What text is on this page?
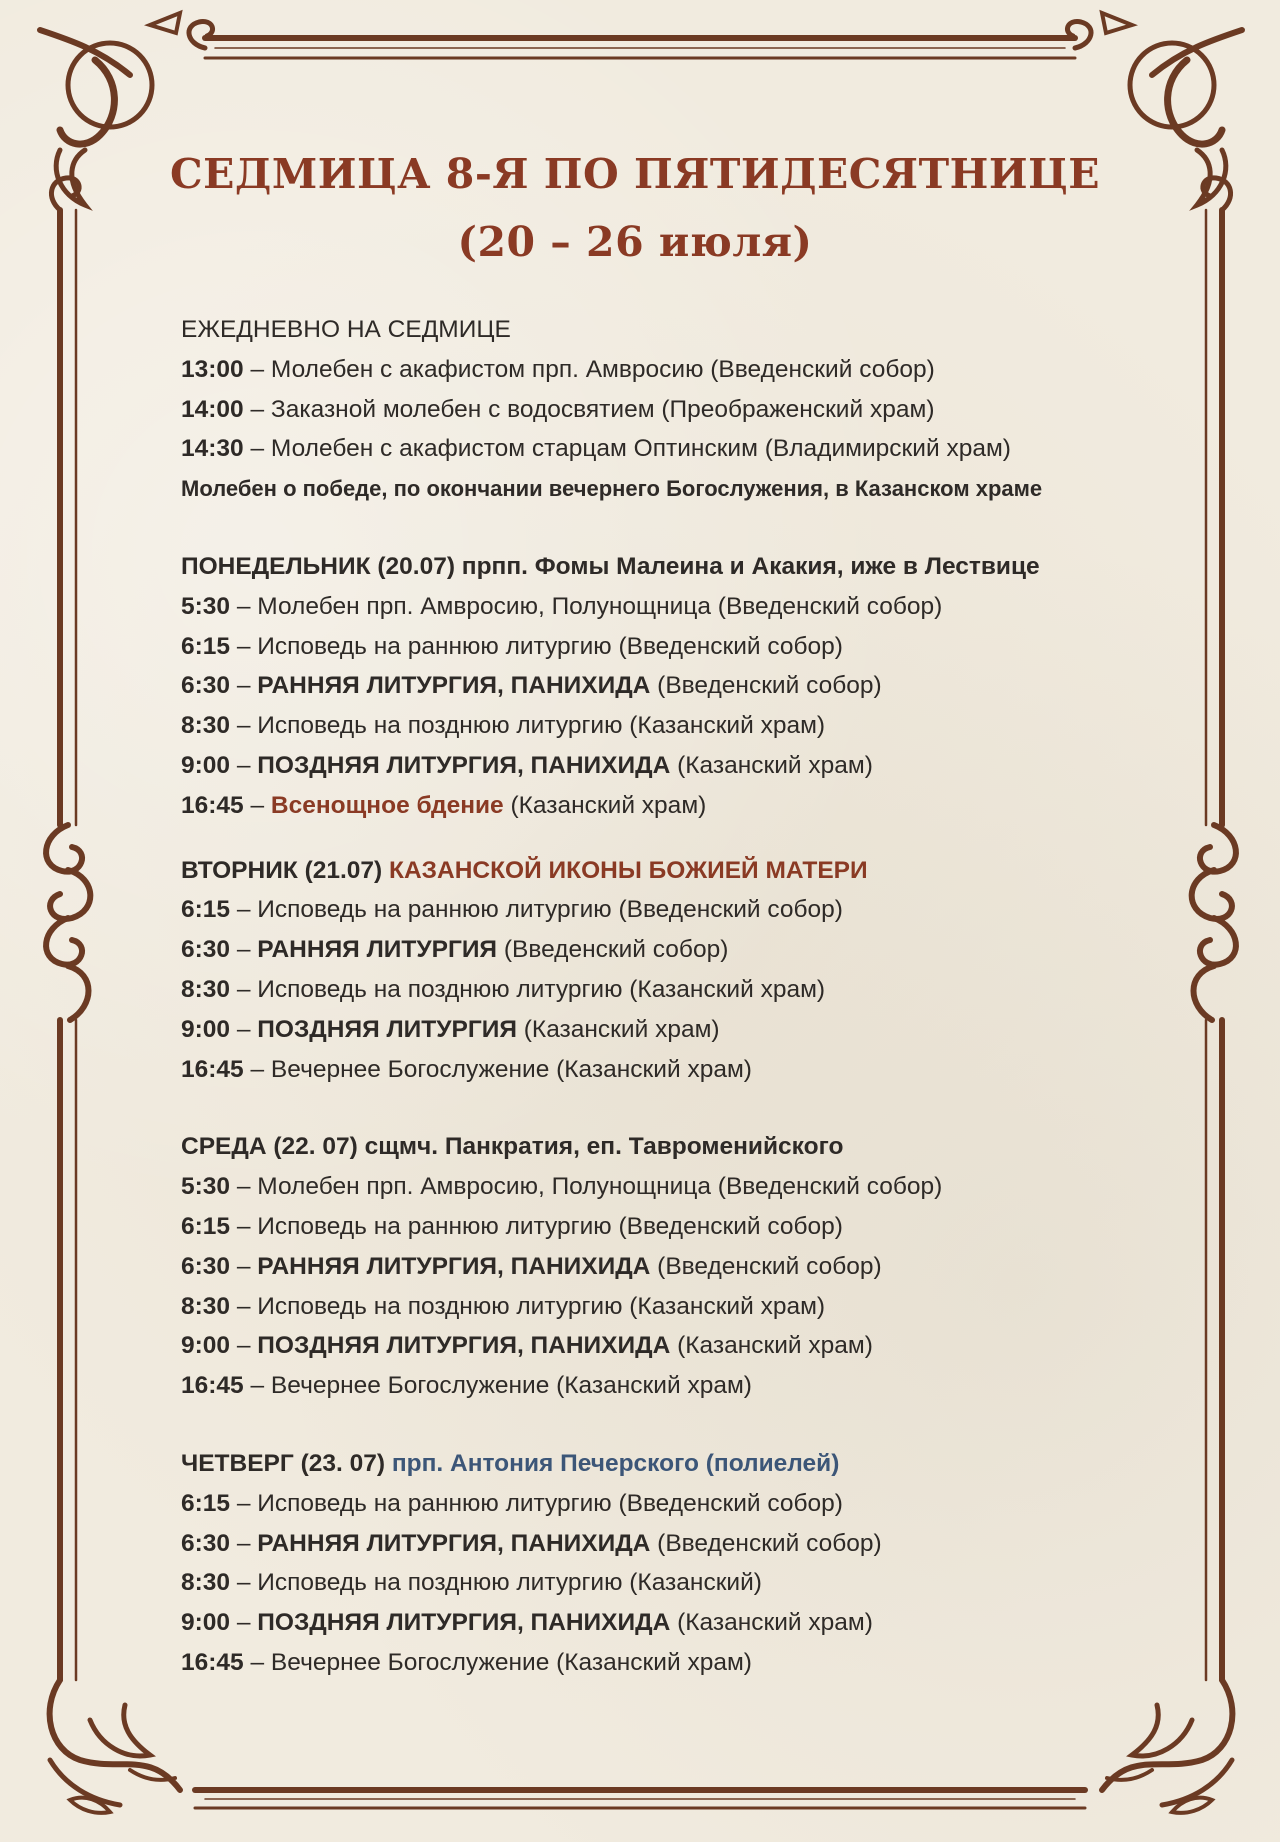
СЕДМИЦА 8-Я ПО ПЯТИДЕСЯТНИЦЕ
(20 – 26 июля)
ЕЖЕДНЕВНО НА СЕДМИЦЕ
13:00 – Молебен с акафистом прп. Амвросию (Введенский собор)
14:00 – Заказной молебен с водосвятием (Преображенский храм)
14:30 – Молебен с акафистом старцам Оптинским (Владимирский храм)
Молебен о победе, по окончании вечернего Богослужения, в Казанском храме
ПОНЕДЕЛЬНИК (20.07) прпп. Фомы Малеина и Акакия, иже в Лествице
5:30 – Молебен прп. Амвросию, Полунощница (Введенский собор)
6:15 – Исповедь на раннюю литургию (Введенский собор)
6:30 – РАННЯЯ ЛИТУРГИЯ, ПАНИХИДА (Введенский собор)
8:30 – Исповедь на позднюю литургию (Казанский храм)
9:00 – ПОЗДНЯЯ ЛИТУРГИЯ, ПАНИХИДА (Казанский храм)
16:45 – Всенощное бдение (Казанский храм)
ВТОРНИК (21.07) КАЗАНСКОЙ ИКОНЫ БОЖИЕЙ МАТЕРИ
6:15 – Исповедь на раннюю литургию (Введенский собор)
6:30 – РАННЯЯ ЛИТУРГИЯ (Введенский собор)
8:30 – Исповедь на позднюю литургию (Казанский храм)
9:00 – ПОЗДНЯЯ ЛИТУРГИЯ (Казанский храм)
16:45 – Вечернее Богослужение (Казанский храм)
СРЕДА (22. 07) сщмч. Панкратия, еп. Тавроменийского
5:30 – Молебен прп. Амвросию, Полунощница (Введенский собор)
6:15 – Исповедь на раннюю литургию (Введенский собор)
6:30 – РАННЯЯ ЛИТУРГИЯ, ПАНИХИДА (Введенский собор)
8:30 – Исповедь на позднюю литургию (Казанский храм)
9:00 – ПОЗДНЯЯ ЛИТУРГИЯ, ПАНИХИДА (Казанский храм)
16:45 – Вечернее Богослужение (Казанский храм)
ЧЕТВЕРГ (23. 07) прп. Антония Печерского (полиелей)
6:15 – Исповедь на раннюю литургию (Введенский собор)
6:30 – РАННЯЯ ЛИТУРГИЯ, ПАНИХИДА (Введенский собор)
8:30 – Исповедь на позднюю литургию (Казанский)
9:00 – ПОЗДНЯЯ ЛИТУРГИЯ, ПАНИХИДА (Казанский храм)
16:45 – Вечернее Богослужение (Казанский храм)
